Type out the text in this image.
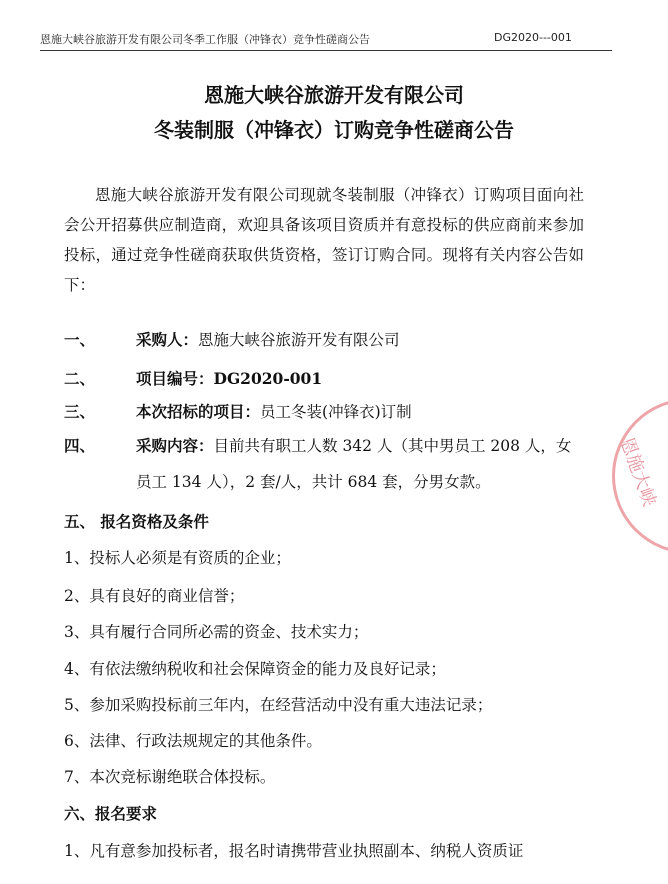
恩施大峡谷旅游开发有限公司冬季工作服（冲锋衣）竞争性磋商公告	DG2020---001
恩施大峡谷旅游开发有限公司
冬装制服（冲锋衣）订购竞争性磋商公告
恩施大峡谷旅游开发有限公司现就冬装制服（冲锋衣）订购项目面向社会公开招募供应制造商，欢迎具备该项目资质并有意投标的供应商前来参加投标，通过竞争性磋商获取供货资格，签订订购合同。现将有关内容公告如下：
一、	采购人：恩施大峡谷旅游开发有限公司
二、	项目编号：DG2020-001
三、	本次招标的项目：员工冬装(冲锋衣)订制
四、	采购内容：目前共有职工人数 342 人（其中男员工 208 人，女
员工 134 人），2 套/人，共计 684 套，分男女款。
五、 报名资格及条件
1、投标人必须是有资质的企业；
2、具有良好的商业信誉；
3、具有履行合同所必需的资金、技术实力；
4、有依法缴纳税收和社会保障资金的能力及良好记录；
5、参加采购投标前三年内，在经营活动中没有重大违法记录；
6、法律、行政法规规定的其他条件。
7、本次竞标谢绝联合体投标。
六、报名要求
1、凡有意参加投标者，报名时请携带营业执照副本、纳税人资质证
恩施大峡
